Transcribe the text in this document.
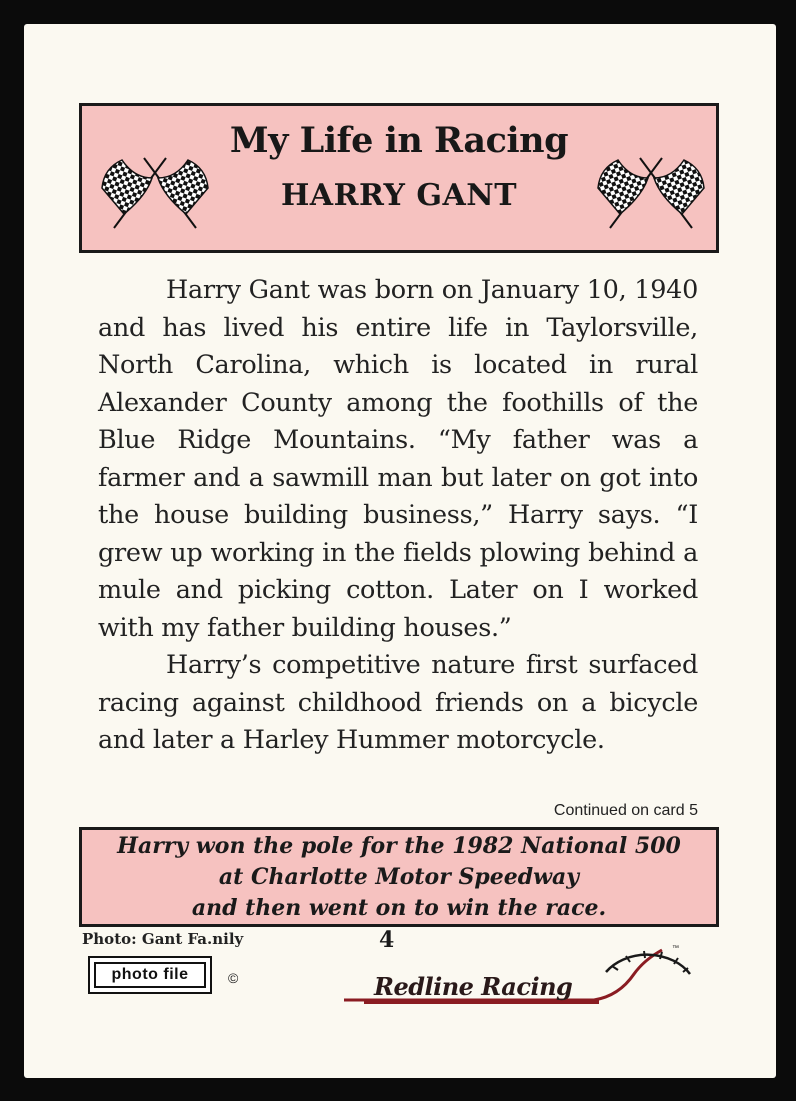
My Life in Racing
HARRY GANT

Harry Gant was born on January 10, 1940 and has lived his entire life in Taylorsville, North Carolina, which is located in rural Alexander County among the foothills of the Blue Ridge Mountains. “My father was a farmer and a sawmill man but later on got into the house building business,” Harry says. “I grew up working in the fields plowing behind a mule and picking cotton. Later on I worked with my father building houses.”

Harry’s competitive nature first surfaced racing against childhood friends on a bicycle and later a Harley Hummer motorcycle.

Continued on card 5
Harry won the pole for the 1982 National 500
at Charlotte Motor Speedway
and then went on to win the race.
Photo: Gant Fa.nily
photo file	©
4	™
Redline Racing
